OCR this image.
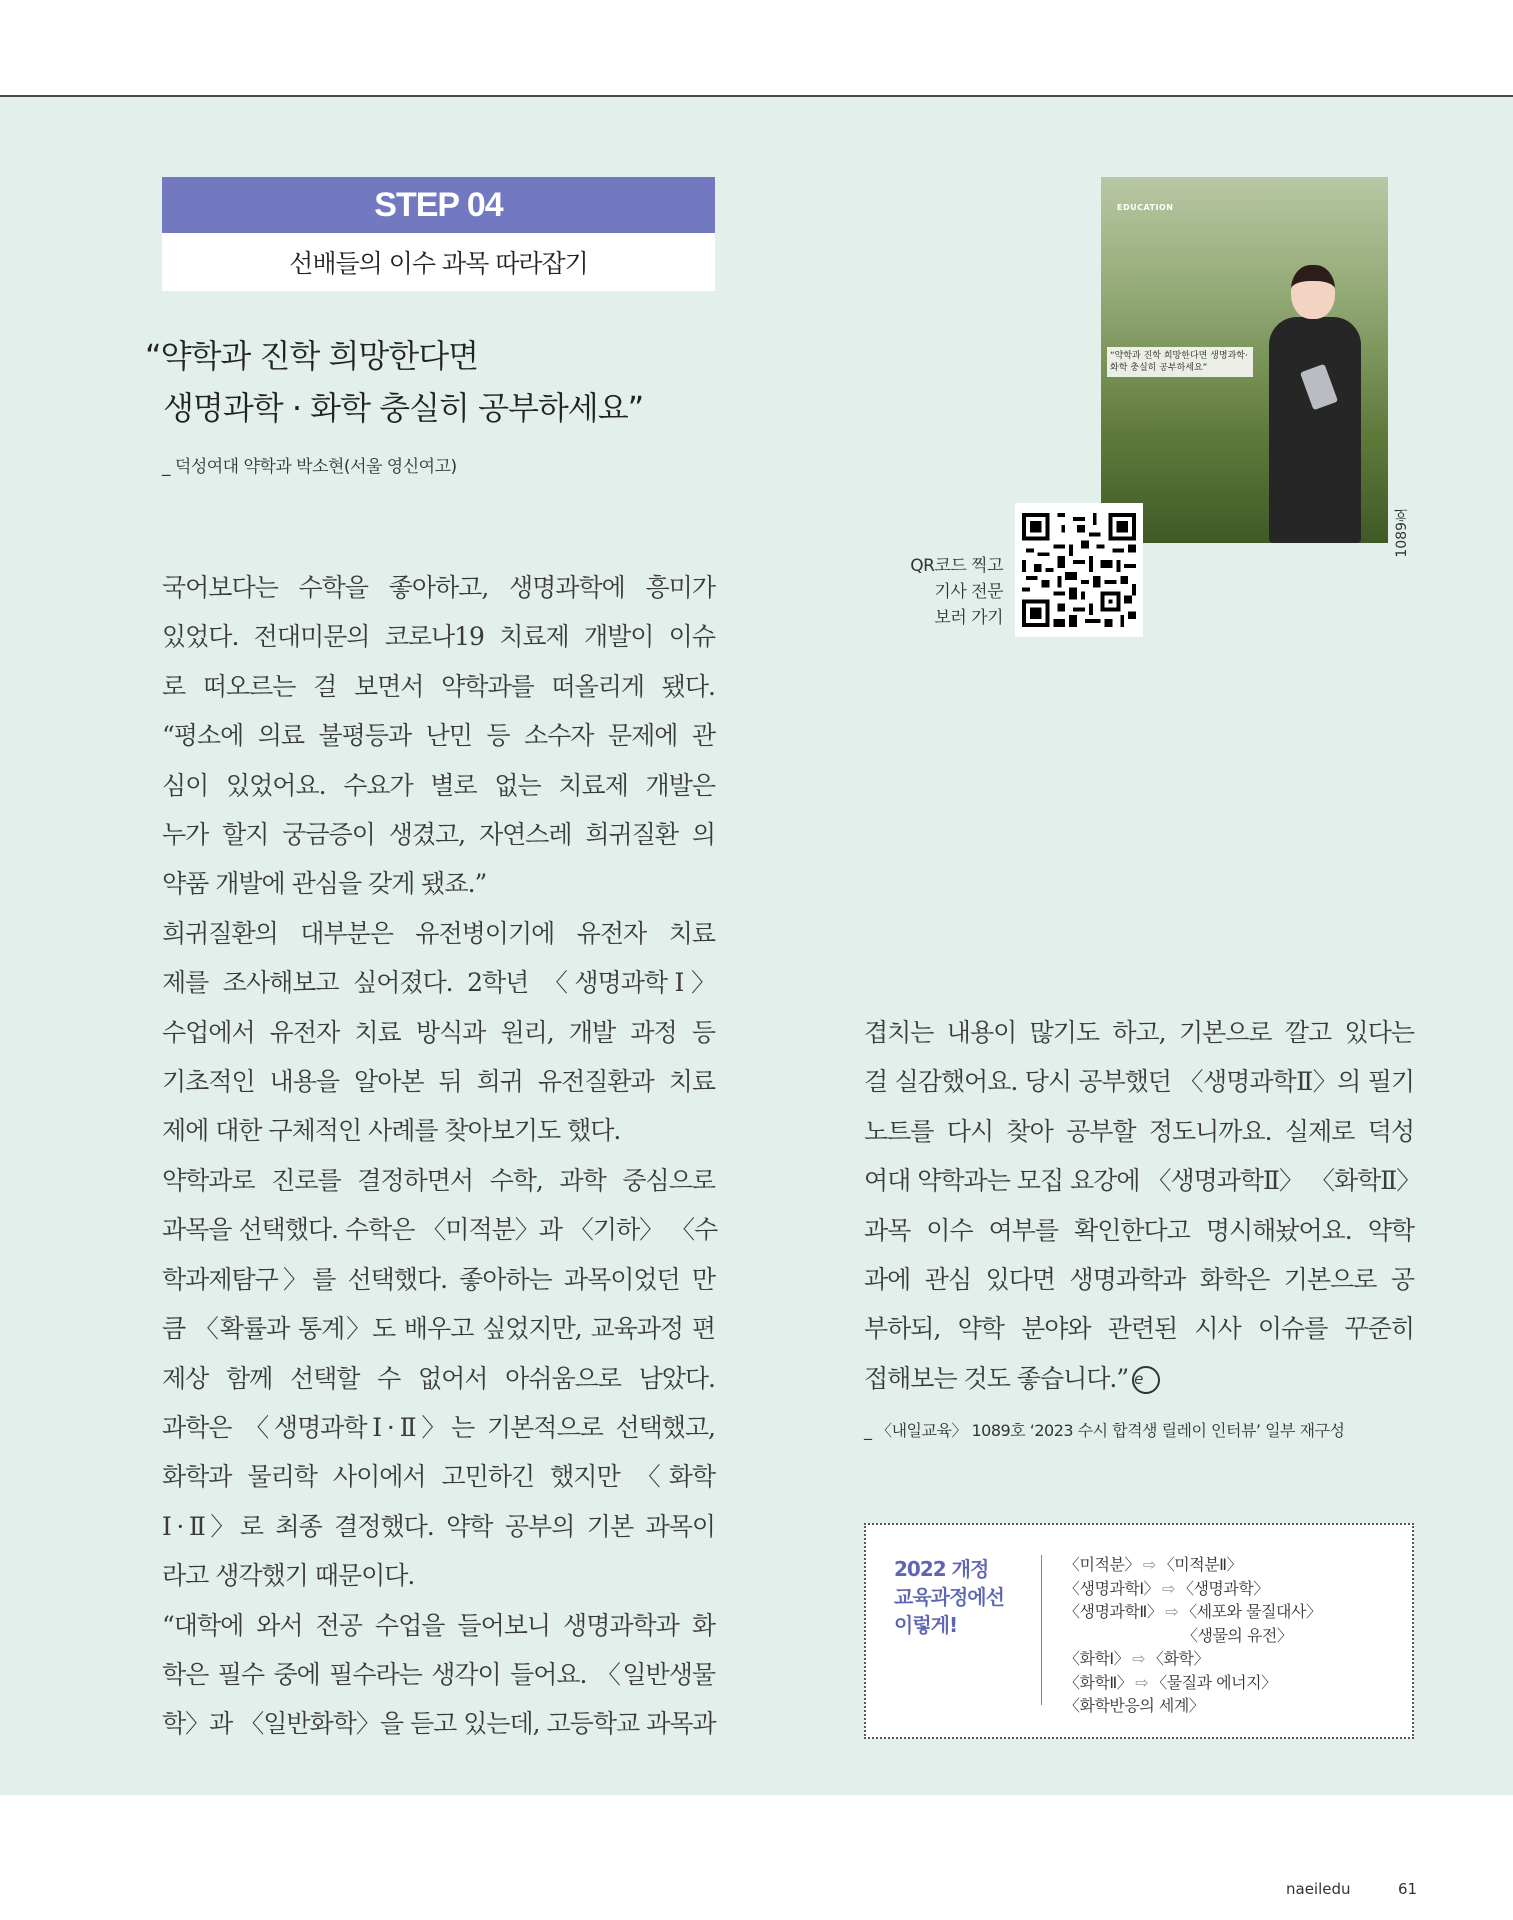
STEP 04
선배들의 이수 과목 따라잡기
“약학과 진학 희망한다면
생명과학 · 화학 충실히 공부하세요”
_ 덕성여대 약학과 박소현(서울 영신여고)
국어보다는 수학을 좋아하고, 생명과학에 흥미가
있었다. 전대미문의 코로나19 치료제 개발이 이슈
로 떠오르는 걸 보면서 약학과를 떠올리게 됐다.
“평소에 의료 불평등과 난민 등 소수자 문제에 관
심이 있었어요. 수요가 별로 없는 치료제 개발은
누가 할지 궁금증이 생겼고, 자연스레 희귀질환 의
약품 개발에 관심을 갖게 됐죠.”
희귀질환의 대부분은 유전병이기에 유전자 치료
제를 조사해보고 싶어졌다. 2학년 〈생명과학Ⅰ〉
수업에서 유전자 치료 방식과 원리, 개발 과정 등
기초적인 내용을 알아본 뒤 희귀 유전질환과 치료
제에 대한 구체적인 사례를 찾아보기도 했다.
약학과로 진로를 결정하면서 수학, 과학 중심으로
과목을 선택했다. 수학은 〈미적분〉과 〈기하〉 〈수
학과제탐구〉를 선택했다. 좋아하는 과목이었던 만
큼 〈확률과 통계〉도 배우고 싶었지만, 교육과정 편
제상 함께 선택할 수 없어서 아쉬움으로 남았다.
과학은 〈생명과학Ⅰ·Ⅱ〉는 기본적으로 선택했고,
화학과 물리학 사이에서 고민하긴 했지만 〈화학
Ⅰ·Ⅱ〉로 최종 결정했다. 약학 공부의 기본 과목이
라고 생각했기 때문이다.
“대학에 와서 전공 수업을 들어보니 생명과학과 화
학은 필수 중에 필수라는 생각이 들어요. 〈일반생물
학〉과 〈일반화학〉을 듣고 있는데, 고등학교 과목과
겹치는 내용이 많기도 하고, 기본으로 깔고 있다는
걸 실감했어요. 당시 공부했던 〈생명과학Ⅱ〉의 필기
노트를 다시 찾아 공부할 정도니까요. 실제로 덕성
여대 약학과는 모집 요강에 〈생명과학Ⅱ〉 〈화학Ⅱ〉
과목 이수 여부를 확인한다고 명시해놨어요. 약학
과에 관심 있다면 생명과학과 화학은 기본으로 공
부하되, 약학 분야와 관련된 시사 이슈를 꾸준히
접해보는 것도 좋습니다.” e
_ 〈내일교육〉 1089호 ‘2023 수시 합격생 릴레이 인터뷰’ 일부 재구성
2022 개정
교육과정에선
이렇게!
〈미적분〉 ⇨ 〈미적분Ⅱ〉
〈생명과학Ⅰ〉 ⇨ 〈생명과학〉
〈생명과학Ⅱ〉 ⇨ 〈세포와 물질대사〉
〈생물의 유전〉
〈화학Ⅰ〉 ⇨ 〈화학〉
〈화학Ⅱ〉 ⇨ 〈물질과 에너지〉
〈화학반응의 세계〉
EDUCATION
“약학과 진학 희망한다면 생명과학·화학 충실히 공부하세요”
1089호
QR코드 찍고
기사 전문
보러 가기
naeiledu	61
